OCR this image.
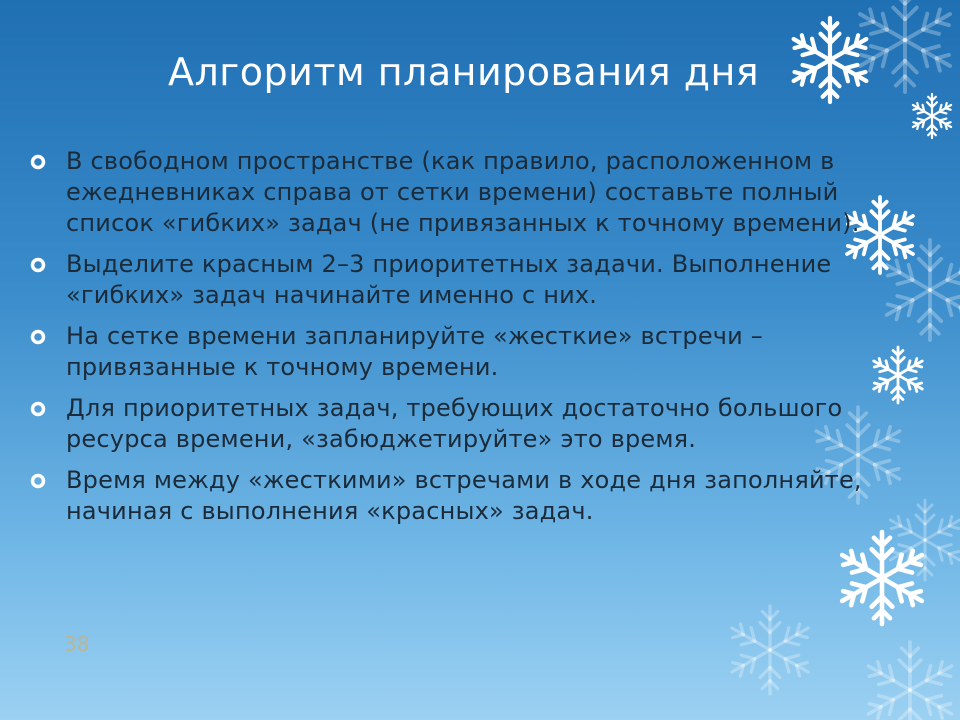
Алгоритм планирования дня
В свободном пространстве (как правило, расположенном в ежедневниках справа от сетки времени) составьте полный список «гибких» задач (не привязанных к точному времени).
Выделите красным 2–3 приоритетных задачи. Выполнение «гибких» задач начинайте именно с них.
На сетке времени запланируйте «жесткие» встречи – привязанные к точному времени.
Для приоритетных задач, требующих достаточно большого ресурса времени, «забюджетируйте» это время.
Время между «жесткими» встречами в ходе дня заполняйте, начиная с выполнения «красных» задач.
38
